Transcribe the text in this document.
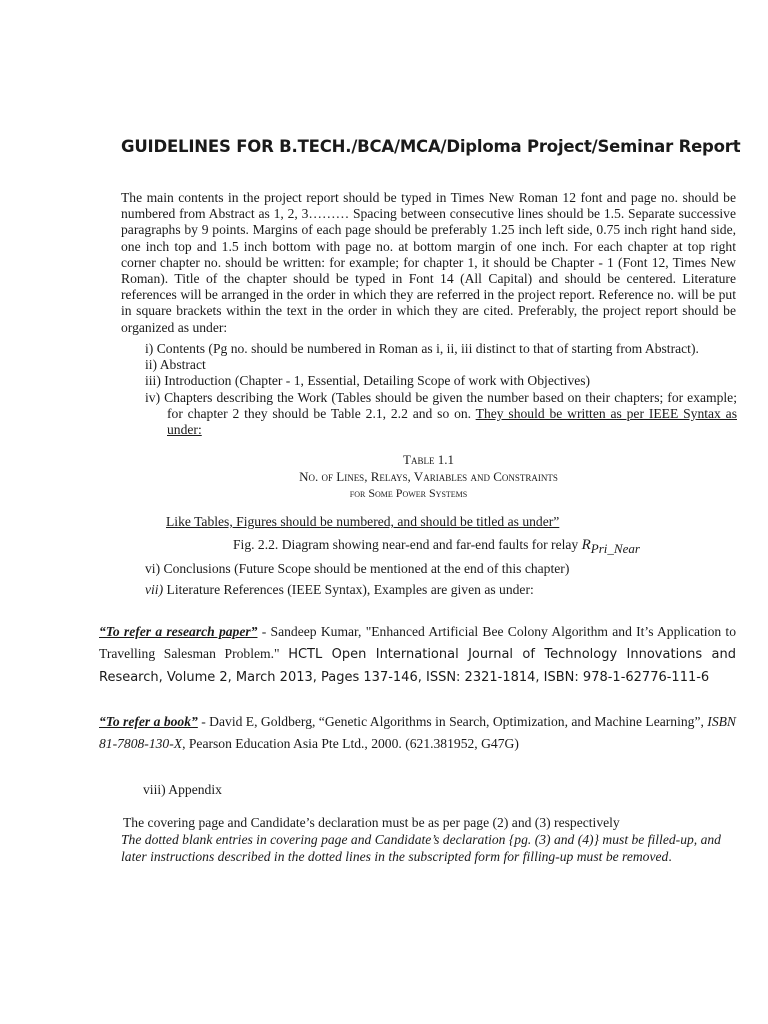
GUIDELINES FOR B.TECH./BCA/MCA/Diploma Project/Seminar Report
The main contents in the project report should be typed in Times New Roman 12 font and page no. should be numbered from Abstract as 1, 2, 3……… Spacing between consecutive lines should be 1.5. Separate successive paragraphs by 9 points. Margins of each page should be preferably 1.25 inch left side, 0.75 inch right hand side, one inch top and 1.5 inch bottom with page no. at bottom margin of one inch. For each chapter at top right corner chapter no. should be written: for example; for chapter 1, it should be Chapter - 1 (Font 12, Times New Roman). Title of the chapter should be typed in Font 14 (All Capital) and should be centered. Literature references will be arranged in the order in which they are referred in the project report. Reference no. will be put in square brackets within the text in the order in which they are cited. Preferably, the project report should be organized as under:
i) Contents (Pg no. should be numbered in Roman as i, ii, iii distinct to that of starting from Abstract).
ii) Abstract
iii) Introduction (Chapter - 1, Essential, Detailing Scope of work with Objectives)
iv) Chapters describing the Work (Tables should be given the number based on their chapters; for example; for chapter 2 they should be Table 2.1, 2.2 and so on. They should be written as per IEEE Syntax as under:
Table 1.1
No. of Lines, Relays, Variables and Constraints
for Some Power Systems
Like Tables, Figures should be numbered, and should be titled as under”
Fig. 2.2. Diagram showing near-end and far-end faults for relay $R_{Pri\_Near}$
vi) Conclusions (Future Scope should be mentioned at the end of this chapter)
vii) Literature References (IEEE Syntax), Examples are given as under:
“To refer a research paper” - Sandeep Kumar, "Enhanced Artificial Bee Colony Algorithm and It’s Application to Travelling Salesman Problem." HCTL Open International Journal of Technology Innovations and Research, Volume 2, March 2013, Pages 137-146, ISSN: 2321-1814, ISBN: 978-1-62776-111-6
“To refer a book” - David E, Goldberg, “Genetic Algorithms in Search, Optimization, and Machine Learning”, ISBN 81-7808-130-X, Pearson Education Asia Pte Ltd., 2000. (621.381952, G47G)
viii) Appendix
The covering page and Candidate’s declaration must be as per page (2) and (3) respectively
The dotted blank entries in covering page and Candidate’s declaration {pg. (3) and (4)} must be filled-up, and later instructions described in the dotted lines in the subscripted form for filling-up must be removed.
